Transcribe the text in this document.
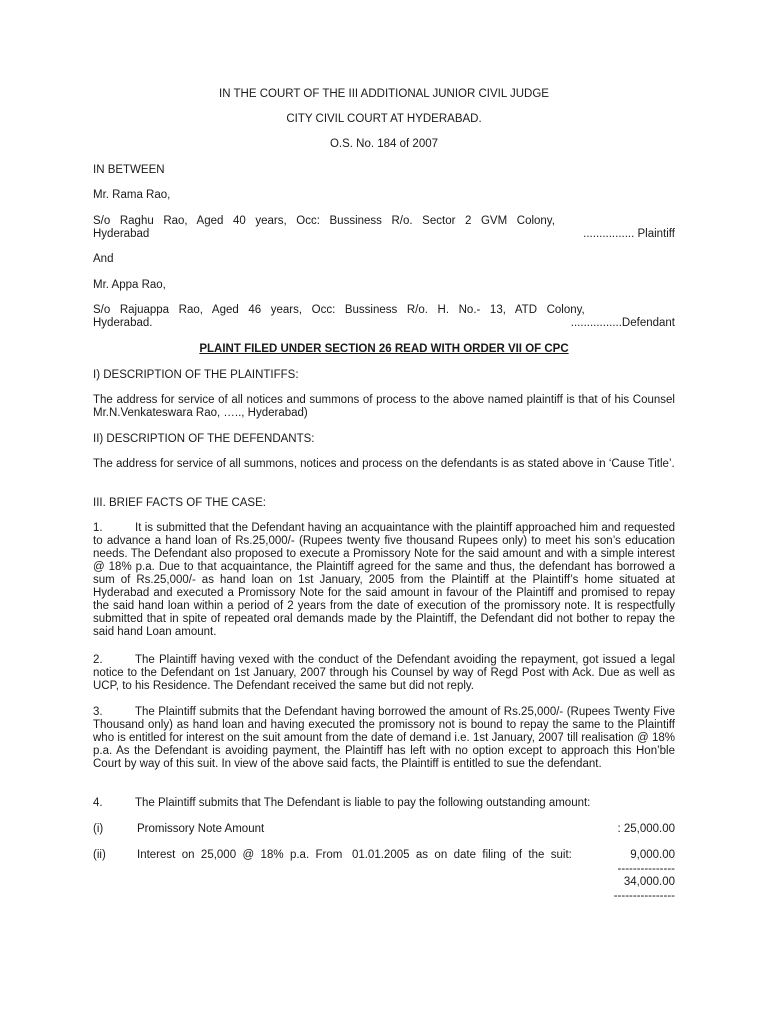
IN THE COURT OF THE III ADDITIONAL JUNIOR CIVIL JUDGE

CITY CIVIL COURT AT HYDERABAD.

O.S. No. 184 of 2007

IN BETWEEN

Mr. Rama Rao,

S/o   Raghu   Rao,   Aged   40   years,   Occ:   Bussiness   R/o.   Sector   2   GVM   Colony,
Hyderabad	................ Plaintiff

And

Mr. Appa Rao,

S/o   Rajuappa   Rao,   Aged   46   years,   Occ:   Bussiness   R/o.   H.   No.-   13,   ATD   Colony,
Hyderabad.	................Defendant

PLAINT FILED UNDER SECTION 26 READ WITH ORDER VII OF CPC

I) DESCRIPTION OF THE PLAINTIFFS:

The address for service of all notices and summons of process to the above named plaintiff is that of his Counsel Mr.N.Venkateswara Rao, ….., Hyderabad)

II) DESCRIPTION OF THE DEFENDANTS:

The address for service of all summons, notices and process on the defendants is as stated above in ‘Cause Title’.

III. BRIEF FACTS OF THE CASE:

1.	It is submitted that the Defendant having an acquaintance with the plaintiff approached him and requested to advance a hand loan of Rs.25,000/- (Rupees twenty five thousand Rupees only) to meet his son’s education needs. The Defendant also proposed to execute a Promissory Note for the said amount and with a simple interest @ 18% p.a. Due to that acquaintance, the Plaintiff agreed for the same and thus, the defendant has borrowed a sum of Rs.25,000/- as hand loan on 1st January, 2005 from the Plaintiff at the Plaintiff’s home situated at Hyderabad and executed a Promissory Note for the said amount in favour of the Plaintiff and promised to repay the said hand loan within a period of 2 years from the date of execution of the promissory note. It is respectfully submitted that in spite of repeated oral demands made by the Plaintiff, the Defendant did not bother to repay the said hand Loan amount.

2.	The Plaintiff having vexed with the conduct of the Defendant avoiding the repayment, got issued a legal notice to the Defendant on 1st January, 2007 through his Counsel by way of Regd Post with Ack. Due as well as UCP, to his Residence. The Defendant received the same but did not reply.

3.	The Plaintiff submits that the Defendant having borrowed the amount of Rs.25,000/- (Rupees Twenty Five Thousand only) as hand loan and having executed the promissory not is bound to repay the same to the Plaintiff who is entitled for interest on the suit amount from the date of demand i.e. 1st January, 2007 till realisation @ 18% p.a. As the Defendant is avoiding payment, the Plaintiff has left with no option except to approach this Hon’ble Court by way of this suit. In view of the above said facts, the Plaintiff is entitled to sue the defendant.

4.	The Plaintiff submits that The Defendant is liable to pay the following outstanding amount:

(i)	Promissory Note Amount	: 25,000.00
(ii)	Interest  on  25,000  @  18%  p.a.  From   01.01.2005  as  on  date  filing  of  the  suit:	9,000.00
---------------
34,000.00
----------------
